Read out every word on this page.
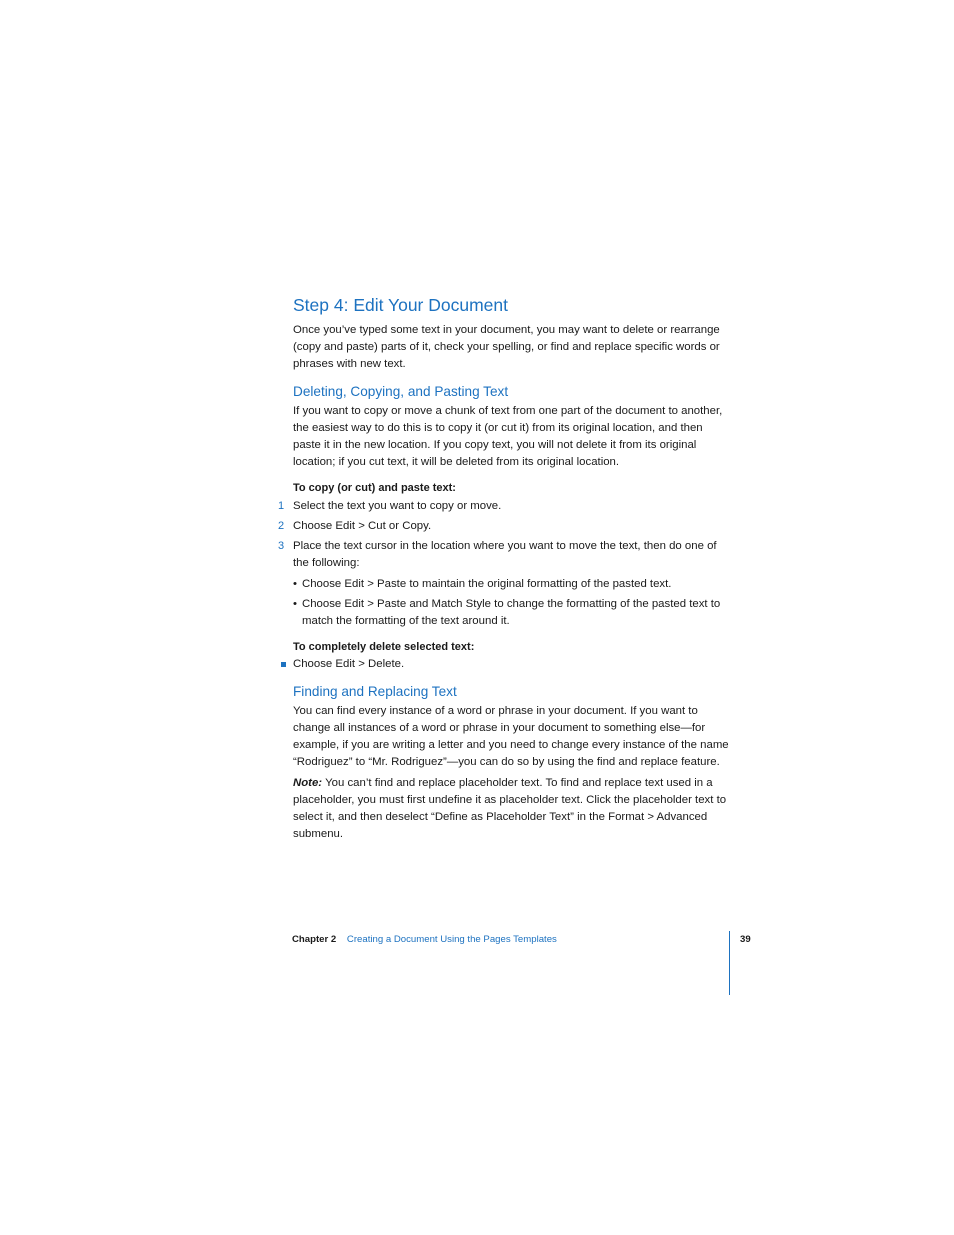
Step 4: Edit Your Document

Once you’ve typed some text in your document, you may want to delete or rearrange (copy and paste) parts of it, check your spelling, or find and replace specific words or phrases with new text.

Deleting, Copying, and Pasting Text

If you want to copy or move a chunk of text from one part of the document to another, the easiest way to do this is to copy it (or cut it) from its original location, and then paste it in the new location. If you copy text, you will not delete it from its original location; if you cut text, it will be deleted from its original location.

To copy (or cut) and paste text:
1 Select the text you want to copy or move.
2 Choose Edit > Cut or Copy.
3 Place the text cursor in the location where you want to move the text, then do one of the following:
• Choose Edit > Paste to maintain the original formatting of the pasted text.
• Choose Edit > Paste and Match Style to change the formatting of the pasted text to match the formatting of the text around it.
To completely delete selected text:
Choose Edit > Delete.
Finding and Replacing Text

You can find every instance of a word or phrase in your document. If you want to change all instances of a word or phrase in your document to something else—for example, if you are writing a letter and you need to change every instance of the name “Rodriguez” to “Mr. Rodriguez”—you can do so by using the find and replace feature.

Note: You can’t find and replace placeholder text. To find and replace text used in a placeholder, you must first undefine it as placeholder text. Click the placeholder text to select it, and then deselect “Define as Placeholder Text” in the Format > Advanced submenu.

Chapter 2 Creating a Document Using the Pages Templates	39
